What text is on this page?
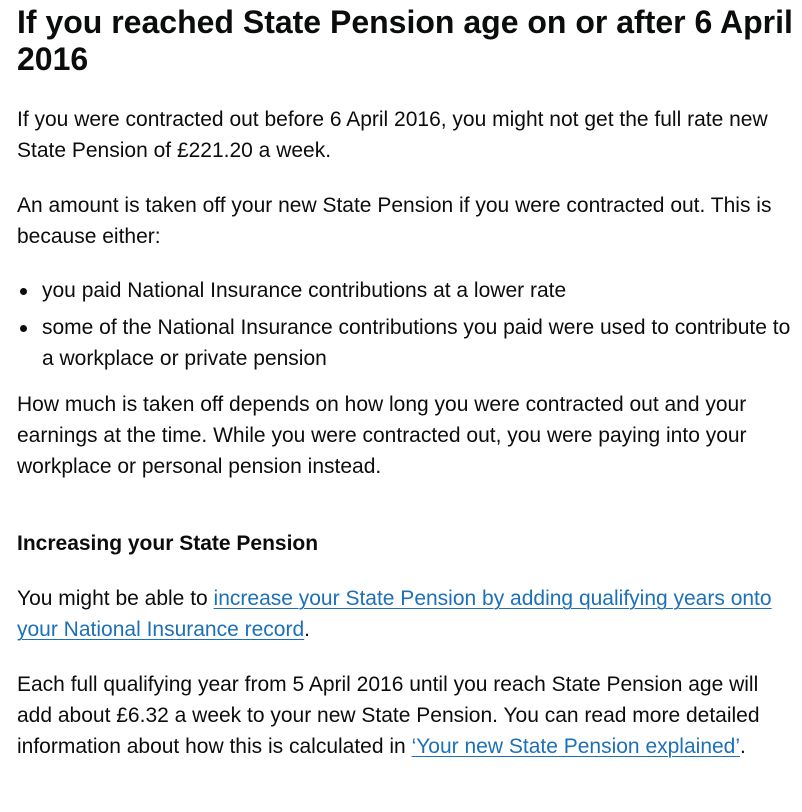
If you reached State Pension age on or after 6 April 2016

If you were contracted out before 6 April 2016, you might not get the full rate new State Pension of £221.20 a week.

An amount is taken off your new State Pension if you were contracted out. This is because either:

you paid National Insurance contributions at a lower rate
some of the National Insurance contributions you paid were used to contribute to a workplace or private pension

How much is taken off depends on how long you were contracted out and your earnings at the time. While you were contracted out, you were paying into your workplace or personal pension instead.

Increasing your State Pension

You might be able to increase your State Pension by adding qualifying years onto your National Insurance record.

Each full qualifying year from 5 April 2016 until you reach State Pension age will add about £6.32 a week to your new State Pension. You can read more detailed information about how this is calculated in ‘Your new State Pension explained’.
